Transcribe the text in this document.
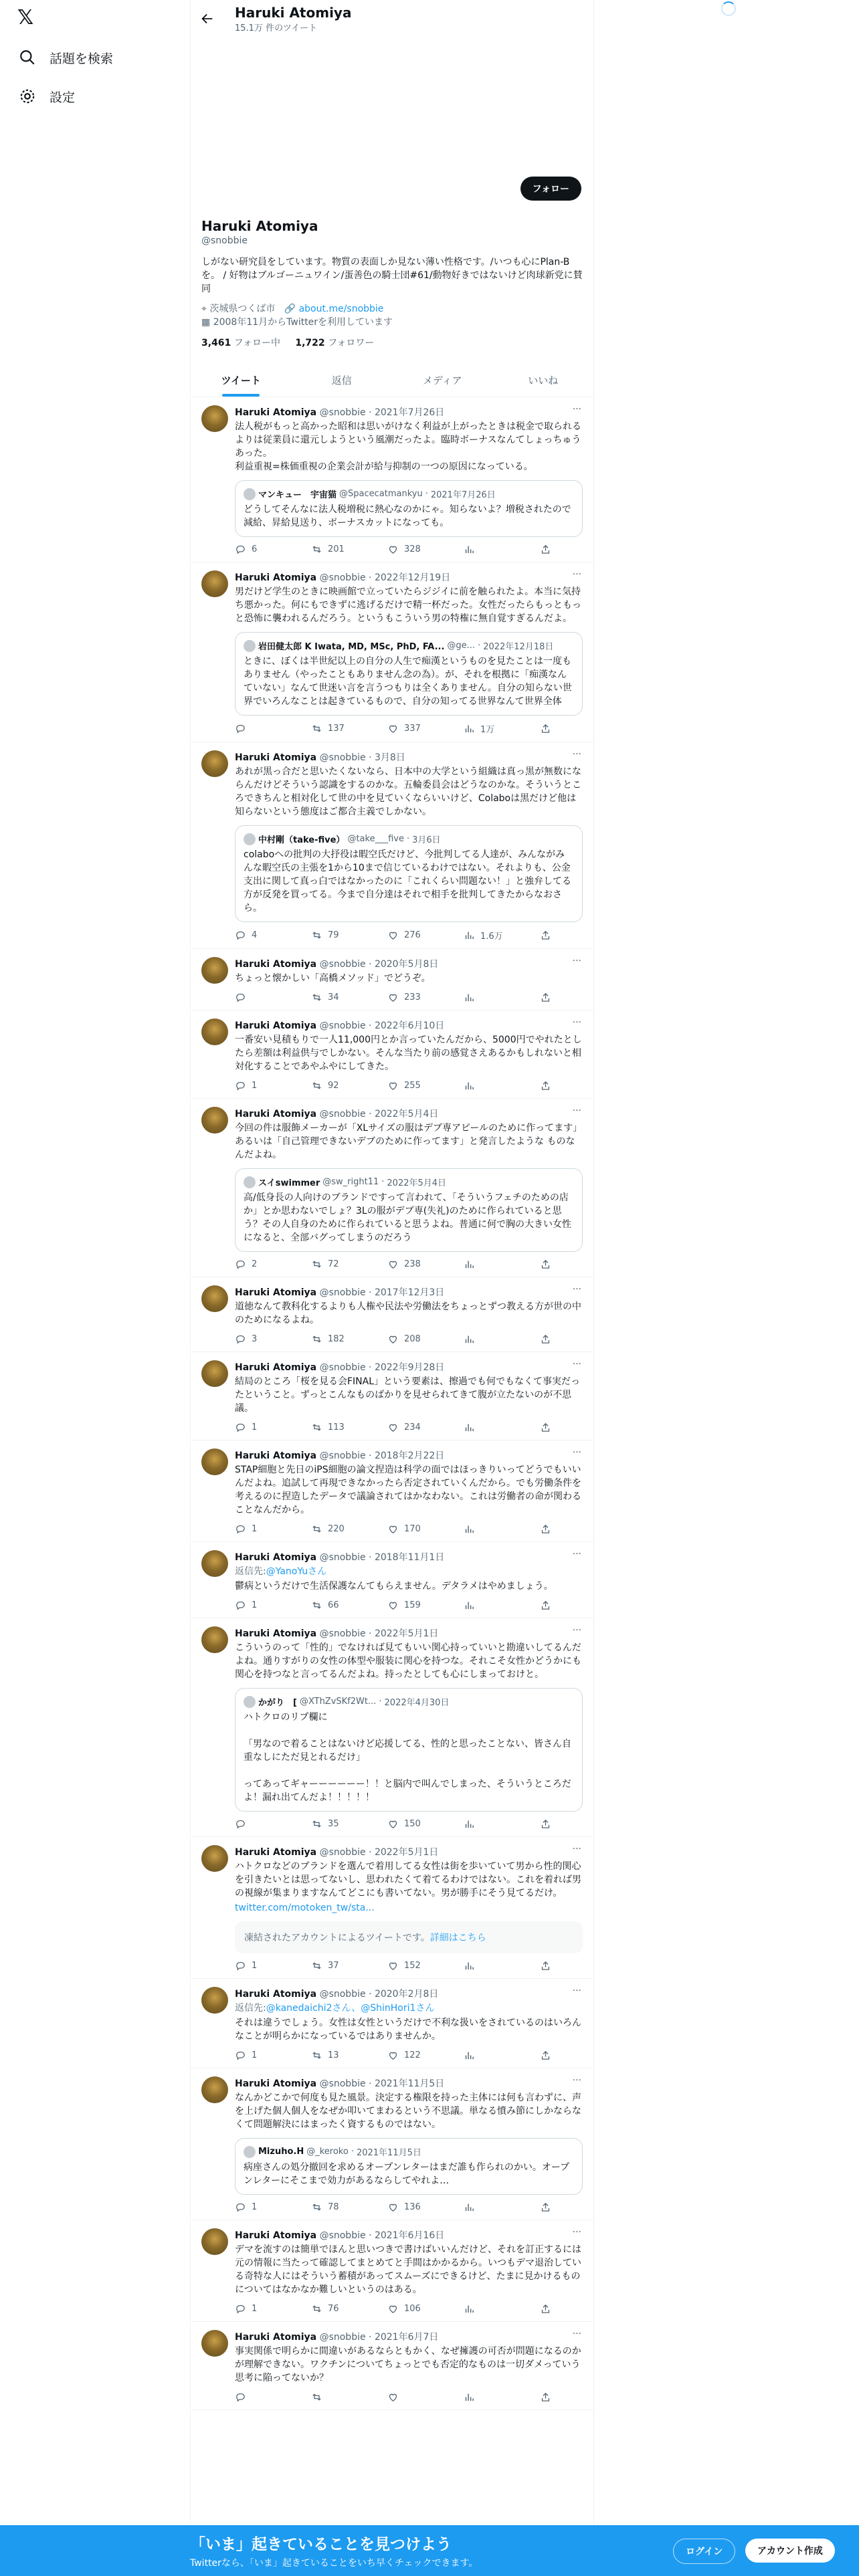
𝕏
話題を検索
設定
Haruki Atomiya
15.1万 件のツイート
フォロー
Haruki Atomiya
@snobbie
しがない研究員をしています。物質の表面しか見ない薄い性格です。/いつも心にPlan-Bを。 / 好物はブルゴーニュワイン/蛋善色の騎士団#61/動物好きではないけど肉球新党に賛同
⌖ 茨城県つくば市 🔗 about.me/snobbie
▦ 2008年11月からTwitterを利用しています
3,461 フォロー中 1,722 フォロワー
ツイート	返信	メディア	いいね
···
Haruki Atomiya @snobbie · 2021年7月26日
法人税がもっと高かった昭和は思いがけなく利益が上がったときは税金で取られるよりは従業員に還元しようという風潮だったよ。臨時ボーナスなんてしょっちゅうあった。
利益重視=株価重視の企業会計が給与抑制の一つの原因になっている。
マンキュー　宇宙猫 @Spacecatmankyu · 2021年7月26日
どうしてそんなに法人税増税に熱心なのかにゃ。知らないよ？増税されたので減給、昇給見送り、ボーナスカットになっても。
6	201	328
···
Haruki Atomiya @snobbie · 2022年12月19日
男だけど学生のときに映画館で立っていたらジジイに前を触られたよ。本当に気持ち悪かった。何にもできずに逃げるだけで精一杯だった。女性だったらもっともっと恐怖に襲われるんだろう。というもこういう男の特権に無自覚すぎるんだよ。
岩田健太郎 K Iwata, MD, MSc, PhD, FA... @ge... · 2022年12月18日
ときに、ぼくは半世紀以上の自分の人生で痴漢というものを見たことは一度もありません（やったこともありません念の為）。が、それを根拠に「痴漢なんていない」なんて世迷い言を言うつもりは全くありません。自分の知らない世界でいろんなことは起きているもので、自分の知ってる世界なんて世界全体
137	337	1万
···
Haruki Atomiya @snobbie · 3月8日
あれが黒っ合だと思いたくないなら、日本中の大学という組織は真っ黒が無数にならんだけどそういう認識をするのかな。五輪委員会はどうなのかな。そういうところできちんと相対化して世の中を見ていくならいいけど、Colaboは黒だけど他は知らないという態度はご都合主義でしかない。
中村剛（take-five） @take___five · 3月6日
colaboへの批判の大抒役は暇空氏だけど、今批判してる人達が、みんながみんな暇空氏の主張を1から10まで信じているわけではない。それよりも、公金支出に関して真っ白ではなかったのに「これくらい問題ない！」と強弁してる方が反発を買ってる。今まで自分達はそれで相手を批判してきたからなおさら。
4	79	276	1.6万
···
Haruki Atomiya @snobbie · 2020年5月8日
ちょっと懐かしい「高橋メソッド」でどうぞ。
34	233
···
Haruki Atomiya @snobbie · 2022年6月10日
一番安い見積もりで一人11,000円とか言っていたんだから、5000円でやれたとしたら差額は利益供与でしかない。そんな当たり前の感覚さえあるかもしれないと相対化することであやふやにしてきた。
1	92	255
···
Haruki Atomiya @snobbie · 2022年5月4日
今回の件は服飾メーカーが「XLサイズの服はデブ専アピールのために作ってます」あるいは「自己管理できないデブのために作ってます」と発言したような ものなんだよね。
スイswimmer @sw_right11 · 2022年5月4日
高/低身長の人向けのブランドですって言われて、「そういうフェチのための店か」とか思わないでしょ？3Lの服がデブ専(失礼)のために作られていると思う？その人自身のために作られていると思うよね。普通に何で胸の大きい女性になると、全部バグってしまうのだろう
2	72	238
···
Haruki Atomiya @snobbie · 2017年12月3日
道徳なんて教科化するよりも人権や民法や労働法をちょっとずつ教える方が世の中のためになるよね。
3	182	208
···
Haruki Atomiya @snobbie · 2022年9月28日
結局のところ「桜を見る会FINAL」という要素は、擦過でも何でもなくて事実だったということ。ずっとこんなものばかりを見せられてきて腹が立たないのが不思議。
1	113	234
···
Haruki Atomiya @snobbie · 2018年2月22日
STAP細胞と先日のiPS細胞の論文捏造は科学の面ではほっきりいってどうでもいいんだよね。追試して再現できなかったら否定されていくんだから。でも労働条件を考えるのに捏造したデータで議論されてはかなわない。これは労働者の命が関わることなんだから。
1	220	170
···
Haruki Atomiya @snobbie · 2018年11月1日
返信先:@YanoYuさん
鬱病というだけで生活保護なんてもらえません。デタラメはやめましょう。
1	66	159
···
Haruki Atomiya @snobbie · 2022年5月1日
こういうのって「性的」でなければ見てもいい関心持っていいと勘違いしてるんだよね。通りすがりの女性の体型や服装に関心を持つな。それこそ女性かどうかにも関心を持つなと言ってるんだよね。持ったとしても心にしまっておけと。
かがり　[ @XThZvSKf2Wt... · 2022年4月30日
ハトクロのリプ欄に

「男なので着ることはないけど応援してる、性的と思ったことない、皆さん自重なしにただ見とれるだけ」

ってあってギャーーーーーー！！と脳内で叫んでしまった、そういうところだよ！漏れ出てんだよ！！！！！
35	150
···
Haruki Atomiya @snobbie · 2022年5月1日
ハトクロなどのブランドを選んで着用してる女性は街を歩いていて男から性的関心を引きたいとは思ってないし、思われたくて着てるわけではない。これを着れば男の視線が集まりますなんてどこにも書いてない。男が勝手にそう見てるだけ。
twitter.com/motoken_tw/sta...
凍結されたアカウントによるツイートです。詳細はこちら
1	37	152
···
Haruki Atomiya @snobbie · 2020年2月8日
返信先:@kanedaichi2さん、@ShinHori1さん
それは違うでしょう。女性は女性というだけで不利な扱いをされているのはいろんなことが明らかになっているではありませんか。
1	13	122
···
Haruki Atomiya @snobbie · 2021年11月5日
なんかどこかで何度も見た風景。決定する権限を持った主体には何も言わずに、声を上げた個人個人をなぜか叩いてまわるという不思議。単なる憤み節にしかならなくて問題解決にはまったく資するものではない。
Mizuho.H @_keroko · 2021年11月5日
病座さんの処分撤回を求めるオープンレターはまだ誰も作られのかい。オープンレターにそこまで効力があるならしてやれよ…
1	78	136
···
Haruki Atomiya @snobbie · 2021年6月16日
デマを流すのは簡単でほんと思いつきで書けばいいんだけど、それを訂正するには元の情報に当たって確認してまとめてと手間はかかるから。いつもデマ退治している奇特な人にはそういう蓄積があってスムーズにできるけど、たまに見かけるものについてはなかなか難しいというのはある。
1	76	106
···
Haruki Atomiya @snobbie · 2021年6月7日
事実関係で明らかに間違いがあるならともかく、なぜ擁護の可否が問題になるのかが理解できない。ワクチンについてちょっとでも否定的なものは一切ダメっていう思考に陥ってないか？
「いま」起きていることを見つけよう
Twitterなら、「いま」起きていることをいち早くチェックできます。
ログイン	アカウント作成
